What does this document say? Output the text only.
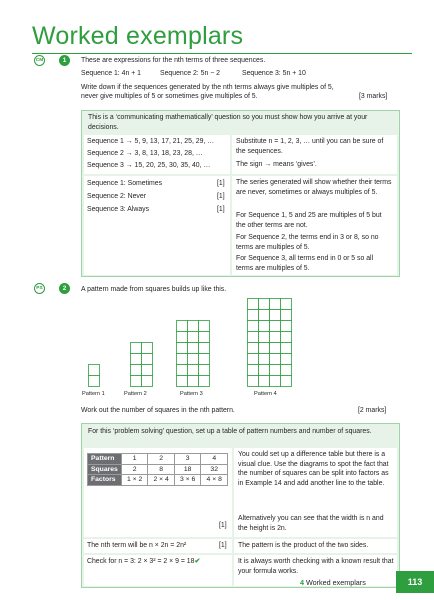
Worked exemplars
CM	1	These are expressions for the nth terms of three sequences.
Sequence 1: 4n + 1	Sequence 2: 5n − 2	Sequence 3: 5n + 10
Write down if the sequences generated by the nth terms always give multiples of 5,
never give multiples of 5 or sometimes give multiples of 5.	[3 marks]
This is a ‘communicating mathematically’ question so you must show how you arrive at your decisions.
Sequence 1 → 5, 9, 13, 17, 21, 25, 29, …
Sequence 2 → 3, 8, 13, 18, 23, 28, …
Sequence 3 → 15, 20, 25, 30, 35, 40, …
Substitute n = 1, 2, 3, … until you can be sure of the sequences.
The sign → means ‘gives’.
Sequence 1: Sometimes	[1]
Sequence 2: Never	[1]
Sequence 3: Always	[1]
The series generated will show whether their terms are never, sometimes or always multiples of 5.
For Sequence 1, 5 and 25 are multiples of 5 but the other terms are not.
For Sequence 2, the terms end in 3 or 8, so no terms are multiples of 5.
For Sequence 3, all terms end in 0 or 5 so all terms are multiples of 5.
PS	2	A pattern made from squares builds up like this.
Pattern 1	Pattern 2	Pattern 3	Pattern 4
Work out the number of squares in the nth pattern.	[2 marks]
For this ‘problem solving’ question, set up a table of pattern numbers and number of squares.
Pattern	1	2	3	4
Squares	2	8	18	32
Factors	1 × 2	2 × 4	3 × 6	4 × 8
[1]
You could set up a difference table but there is a visual clue. Use the diagrams to spot the fact that the number of squares can be split into factors as in Example 14 and add another line to the table.
Alternatively you can see that the width is n and the height is 2n.
The nth term will be n × 2n = 2n²	[1] The pattern is the product of the two sides.
Check for n = 3: 2 × 3² = 2 × 9 = 18✔	It is always worth checking with a known result that your formula works.
4 Worked exemplars	113
